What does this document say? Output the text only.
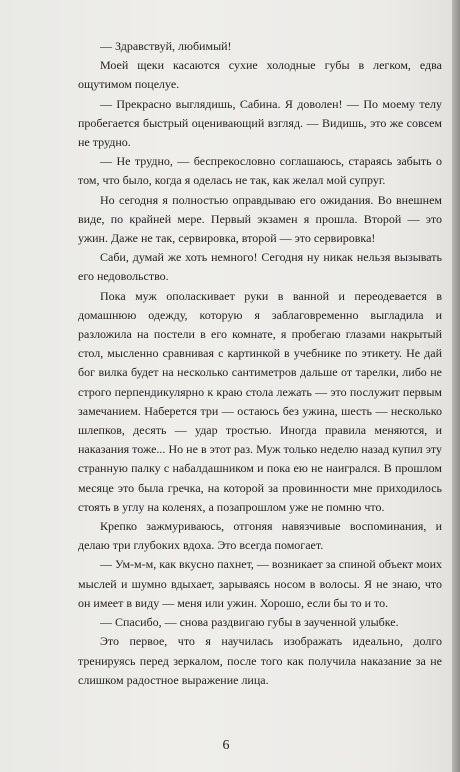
— Здравствуй, любимый!

Моей щеки касаются сухие холодные губы в легком, едва ощутимом поцелуе.

— Прекрасно выглядишь, Сабина. Я доволен! — По моему телу пробегается быстрый оценивающий взгляд. — Видишь, это же совсем не трудно.

— Не трудно, — беспрекословно соглашаюсь, стараясь забыть о том, что было, когда я оделась не так, как желал мой супруг.

Но сегодня я полностью оправдываю его ожидания. Во внешнем виде, по крайней мере. Первый экзамен я прошла. Второй — это ужин. Даже не так, сервировка, второй — это сервировка!

Саби, думай же хоть немного! Сегодня ну никак нельзя вызывать его недовольство.

Пока муж ополаскивает руки в ванной и переодевается в домашнюю одежду, которую я заблаговременно выгладила и разложила на постели в его комнате, я пробегаю глазами накрытый стол, мысленно сравнивая с картинкой в учебнике по этикету. Не дай бог вилка будет на несколько сантиметров дальше от тарелки, либо не строго перпендикулярно к краю стола лежать — это послужит первым замечанием. Наберется три — остаюсь без ужина, шесть — несколько шлепков, десять — удар тростью. Иногда правила меняются, и наказания тоже... Но не в этот раз. Муж только неделю назад купил эту странную палку с набалдашником и пока ею не наигрался. В прошлом месяце это была гречка, на которой за провинности мне приходилось стоять в углу на коленях, а позапрошлом уже не помню что.

Крепко зажмуриваюсь, отгоняя навязчивые воспоминания, и делаю три глубоких вдоха. Это всегда помогает.

— Ум-м-м, как вкусно пахнет, — возникает за спиной объект моих мыслей и шумно вдыхает, зарываясь носом в волосы. Я не знаю, что он имеет в виду — меня или ужин. Хорошо, если бы то и то.

— Спасибо, — снова раздвигаю губы в заученной улыбке.

Это первое, что я научилась изображать идеально, долго тренируясь перед зеркалом, после того как получила наказание за не слишком радостное выражение лица.

6
